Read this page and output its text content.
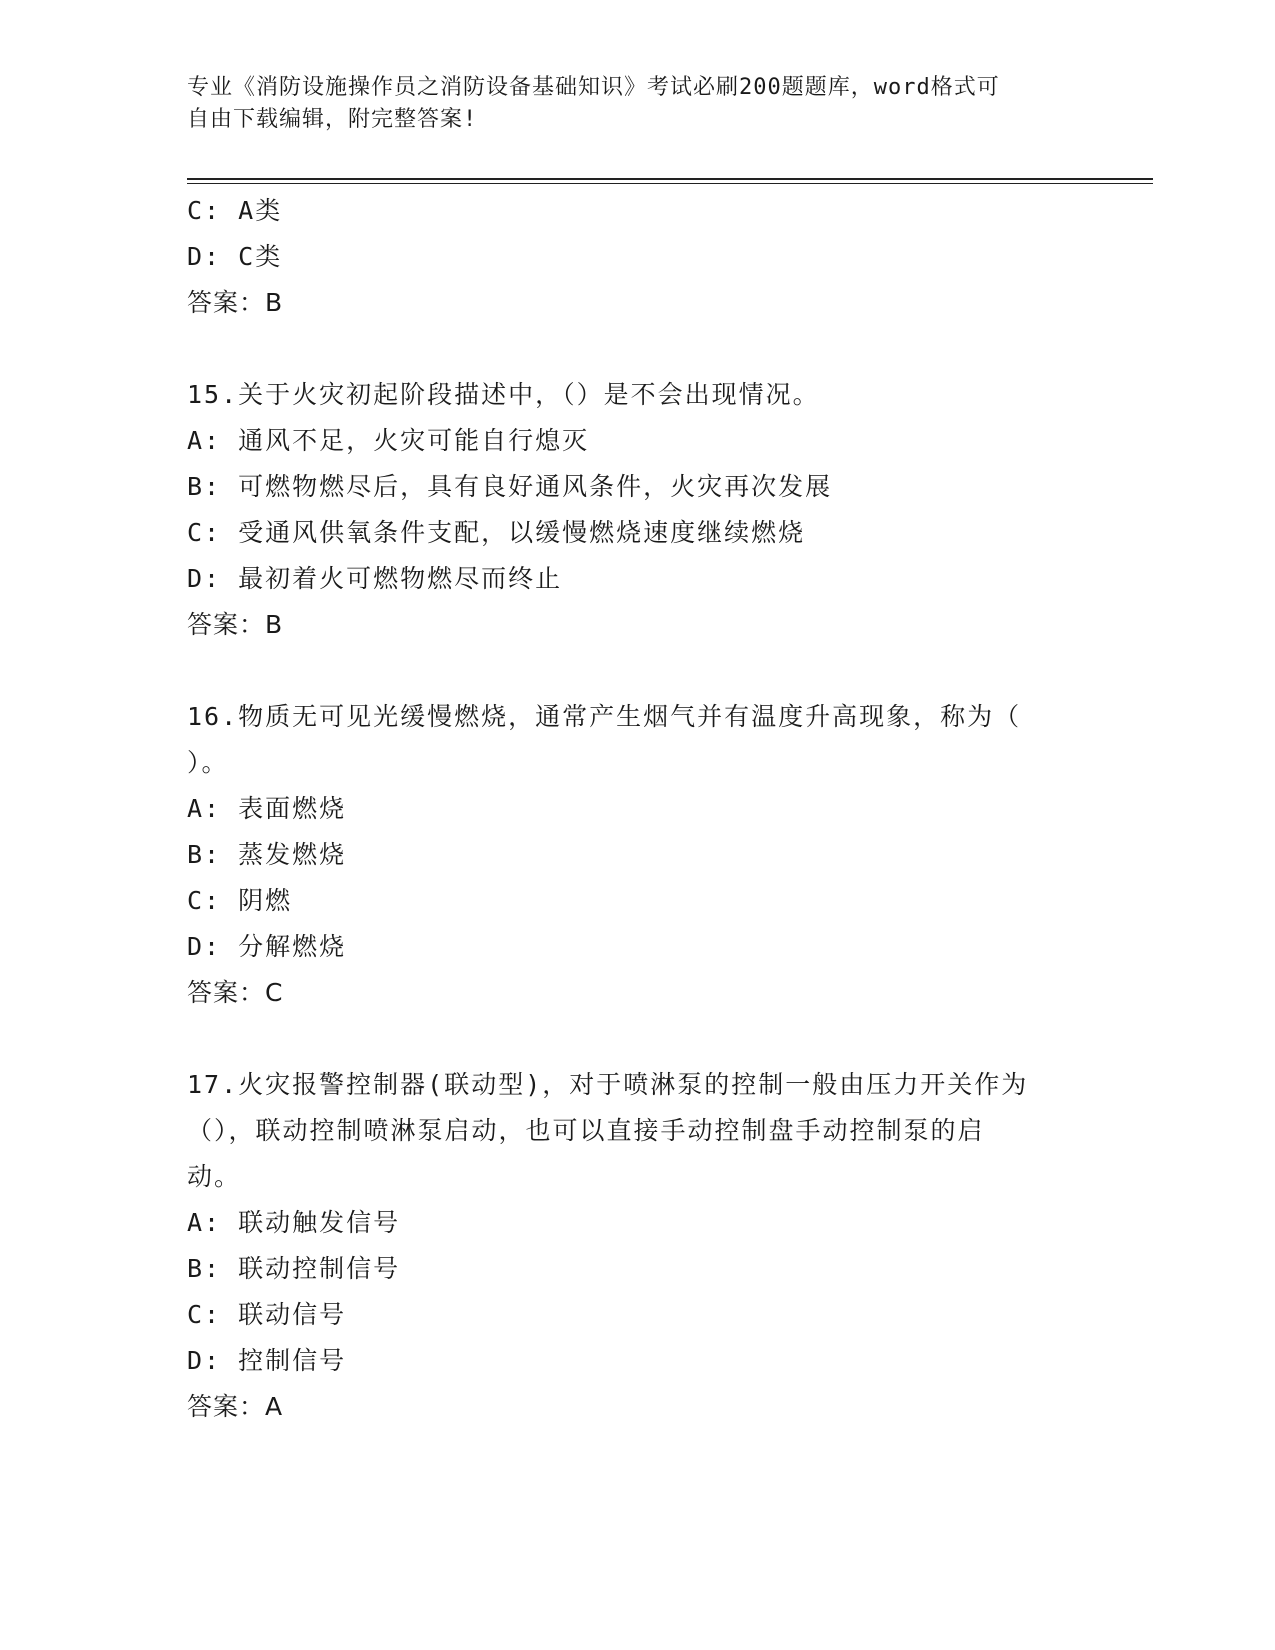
专业《消防设施操作员之消防设备基础知识》考试必刷200题题库，word格式可
自由下载编辑，附完整答案!
C: A类
D: C类
答案：B
15.关于火灾初起阶段描述中，（）是不会出现情况。
A: 通风不足，火灾可能自行熄灭
B: 可燃物燃尽后，具有良好通风条件，火灾再次发展
C: 受通风供氧条件支配，以缓慢燃烧速度继续燃烧
D: 最初着火可燃物燃尽而终止
答案：B
16.物质无可见光缓慢燃烧，通常产生烟气并有温度升高现象，称为（
）。
A: 表面燃烧
B: 蒸发燃烧
C: 阴燃
D: 分解燃烧
答案：C
17.火灾报警控制器(联动型)，对于喷淋泵的控制一般由压力开关作为
（），联动控制喷淋泵启动，也可以直接手动控制盘手动控制泵的启
动。
A: 联动触发信号
B: 联动控制信号
C: 联动信号
D: 控制信号
答案：A
